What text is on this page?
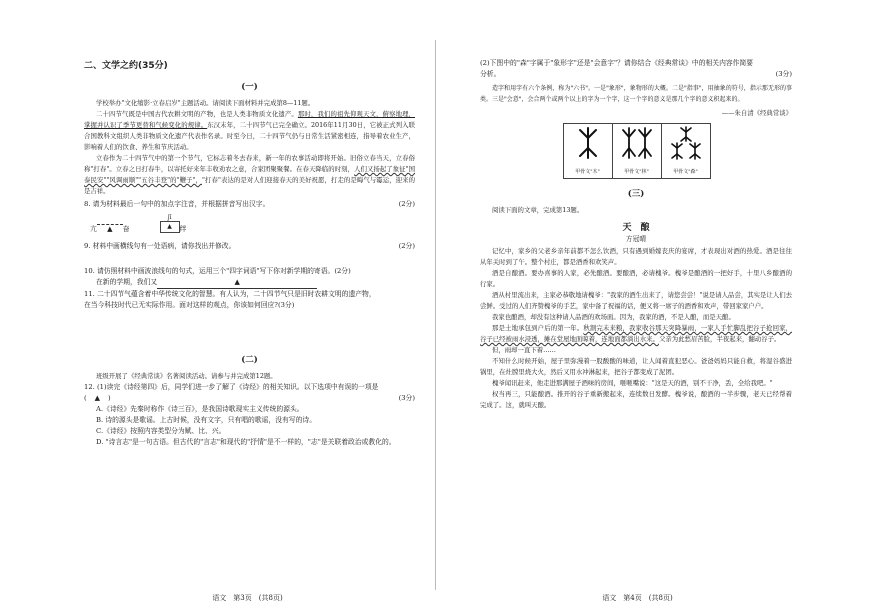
二、文学之约(35分)
(一)

学校举办"文化缩影·立春启岁"主题活动。请阅读下面材料并完成第8—11题。

二十四节气既是中国古代农耕文明的产物，也是人类非物质文化遗产。那时，我们的祖先仰观天文，俯察地理，掌握并认识了季节更替和气候变化的规律。东汉末年，二十四节气已完全确立。2016年11月30日，它被正式列入联合国教科文组织人类非物质文化遗产代表作名录。时至今日，二十四节气仍与日常生活紧密相连，指导着农业生产，影响着人们的饮食、养生和节庆活动。

立春作为二十四节气中的第一个节气，它标志着冬去春来，新一年的农事活动即将开始。旧俗立春当天，立春俗称"打春"。立春之日打春牛，以寄托好来年丰收劝农之意，合家团聚聚餐。在春天降临的时刻，人们又扬起了象征"国泰民安""风调雨顺""五谷丰登"的"鞭子"，"打春"表达的是对人们迎接春天的美好祝愿，打走的是晦气与霉运，迎来的是吉祥。

8. 请为材料最后一句中的加点字注音，并根据拼音写出汉字。	(2分)
亢	▲	奋
jī
▲	绊
9. 材料中画横线句有一处语病，请你找出并修改。	(2分)
10. 请仿照材料中画波浪线句的句式，运用三个"四字词语"写下你对新学期的寄语。(2分)
在新的学期，我们又	▲
11. 二十四节气蕴含着中华传统文化的智慧。有人认为，二十四节气只是旧时农耕文明的遗产物，在当今科技时代已无实际作用。面对这样的观点，你该如何回应?(3分)
(二)

班级开展了《经典常谈》名著阅读活动。请参与并完成第12题。

12. (1)读完《诗经第四》后，同学们进一步了解了《诗经》的相关知识。以下选项中有误的一项是( ▲ )	(3分)
A.《诗经》先秦时称作《诗三百》，是我国诗歌现实主义传统的源头。
B. 诗的源头是歌谣。上古时候，没有文字，只有唱的歌谣，没有写的诗。
C.《诗经》按照内容类型分为赋、比、兴。
D. "诗言志"是一句古语。但古代的"言志"和现代的"抒情"是不一样的，"志"是关联着政治或教化的。
语文　第3页　(共8页)
(2)下图中的"森"字属于"象形字"还是"会意字"？请你结合《经典常谈》中的相关内容作简要分析。	(3分)

造字和用字有六个条例，称为"六书"。一是"象形"，象物形的大概。二是"指事"，用抽象的符号，指示那无形的事类。三是"会意"，会合两个或两个以上的字为一个字，这一个字的意义是那几个字的意义积起来的。

——朱自清《经典常谈》
甲骨文"木"	甲骨文"林"	甲骨文"森"
(三)

阅读下面的文章，完成第13题。

天　酿
方冠晴

记忆中，家乡的父老乡亲年前都不怎么饮酒，只有遇到婚嫁丧庆的宴席，才表现出对酒的热爱。酒是往往从年关时到了午。整个村庄，都是酒香和欢笑声。

酒是自酿酒。要办喜事的人家，必先酿酒。要酿酒，必请槐爷。槐爷是酿酒的一把好手，十里八乡酿酒的行家。

酒从村里流出来，主家必恭敬地请槐爷："我家的酒生出来了，请您尝尝！"说是请人品尝，其实是让人们去尝鲜。受过的人们齐赞槐爷的手艺，家中备了祝福的话，便又将一席子的酒香和欢声，带回家家户户。

我家也酿酒，却没有这种请人品酒的欢场面。因为，我家的酒，不是人酿，而是天酿。

那是土地承包到户后的第一年。秋割完未来粮，我家收谷那天突降暴雨，一家人手忙脚乱把谷子抢回家，谷子已经被雨水浸透，摊在堂屋地面晾着，连地面都淌出水来。父亲为此愁眉苦脸，半夜起来，翻动谷子。

但，雨却一直下着……

不知什么时候开始，屋子里弥漫着一股酸酸的味道，让人闻着直犯恶心。爸爸妈妈只能自救，将湿谷盛进锅里，在灶膛里烧大火，然后又用水冲淋起来，把谷子都变成了泥团。

槐爷闻讯赶来，他走进那满屋子酒味的房间，咂咂嘴说："这是天的酒，别不干净，丢，全给我吧。"

权当再三，只能酿酒。推开的谷子重新搬起来，连续数日发酵。槐爷说，酿酒的一半步骤，老天已经帮着完成了。这，就叫天酿。

语文　第4页　(共8页)
